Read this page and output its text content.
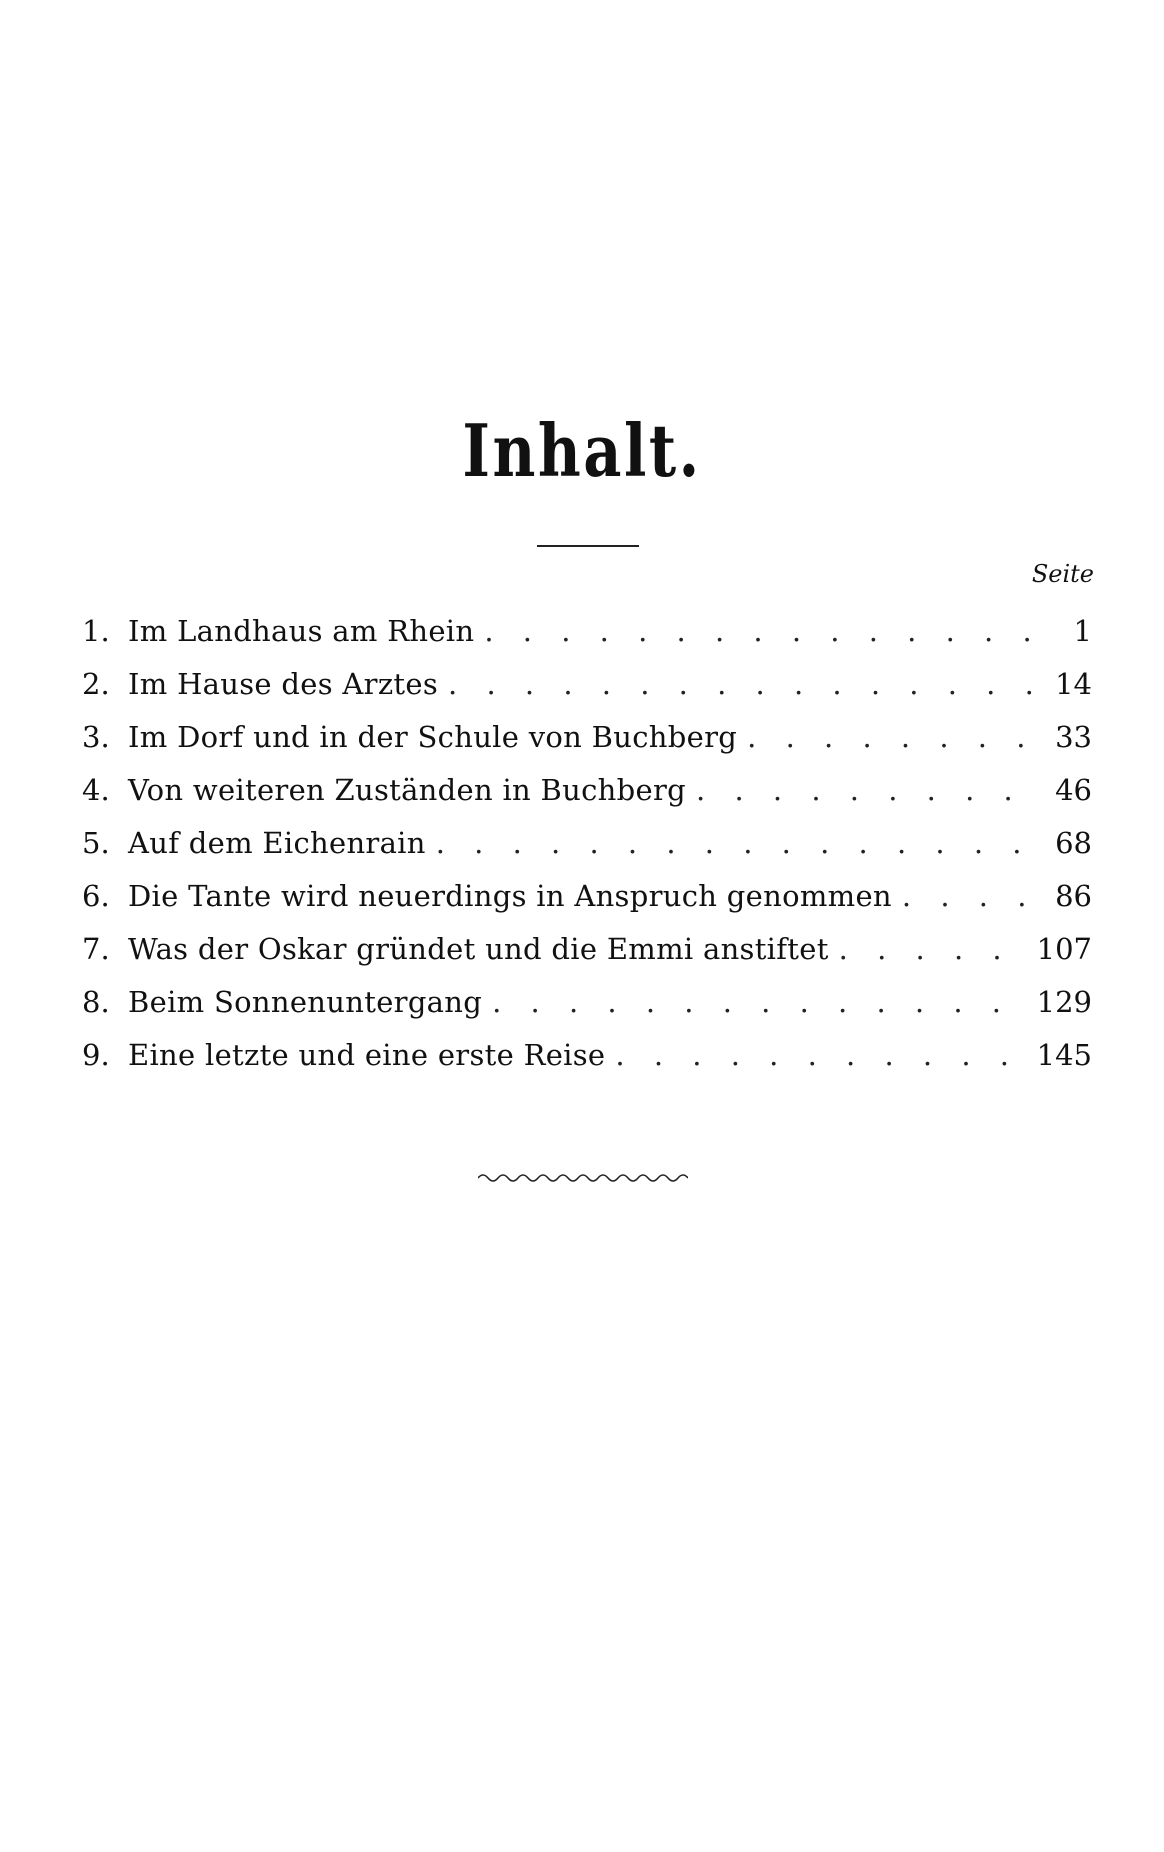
Inhalt.
Seite
1. Im Landhaus am Rhein . . .	1
2. Im Hause des Arztes . . .	14
3. Im Dorf und in der Schule von Buchberg . . .	33
4. Von weiteren Zuständen in Buchberg . . .	46
5. Auf dem Eichenrain . . .	68
6. Die Tante wird neuerdings in Anspruch genommen . . .	86
7. Was der Oskar gründet und die Emmi anstiftet . . .	107
8. Beim Sonnenuntergang . . .	129
9. Eine letzte und eine erste Reise . . .	145
